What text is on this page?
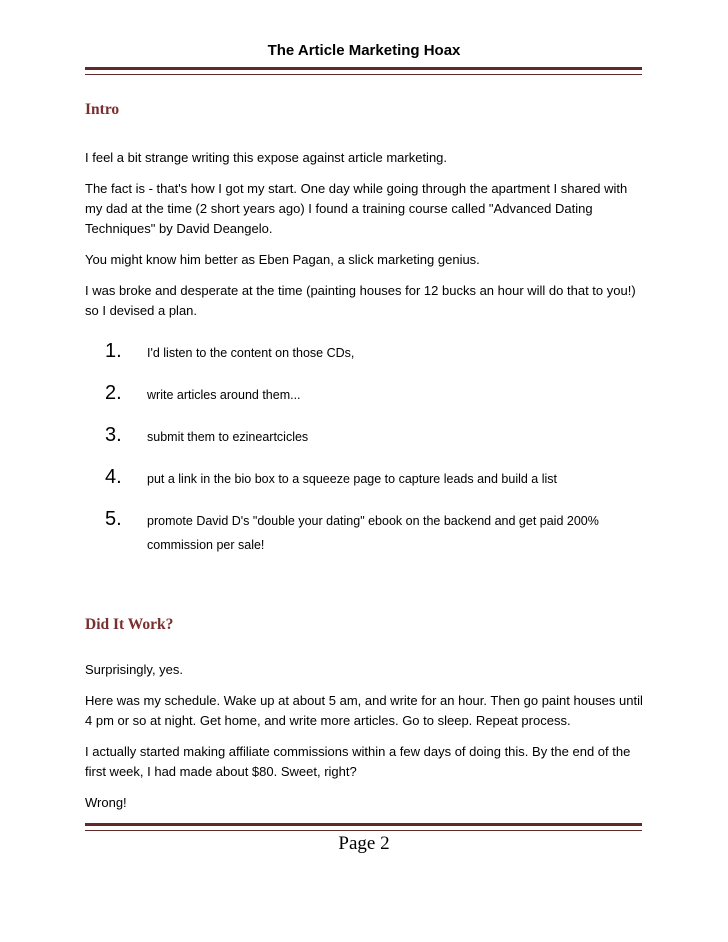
The Article Marketing Hoax
Intro

I feel a bit strange writing this expose against article marketing.

The fact is - that's how I got my start. One day while going through the apartment I shared with my dad at the time (2 short years ago) I found a training course called "Advanced Dating Techniques" by David Deangelo.

You might know him better as Eben Pagan, a slick marketing genius.

I was broke and desperate at the time (painting houses for 12 bucks an hour will do that to you!) so I devised a plan.

1.	I'd listen to the content on those CDs,
2.	write articles around them...
3.	submit them to ezineartcicles
4.	put a link in the bio box to a squeeze page to capture leads and build a list
5.	promote David D's "double your dating" ebook on the backend and get paid 200% commission per sale!
Did It Work?

Surprisingly, yes.

Here was my schedule. Wake up at about 5 am, and write for an hour. Then go paint houses until 4 pm or so at night. Get home, and write more articles. Go to sleep. Repeat process.

I actually started making affiliate commissions within a few days of doing this. By the end of the first week, I had made about $80. Sweet, right?

Wrong!

Page 2
